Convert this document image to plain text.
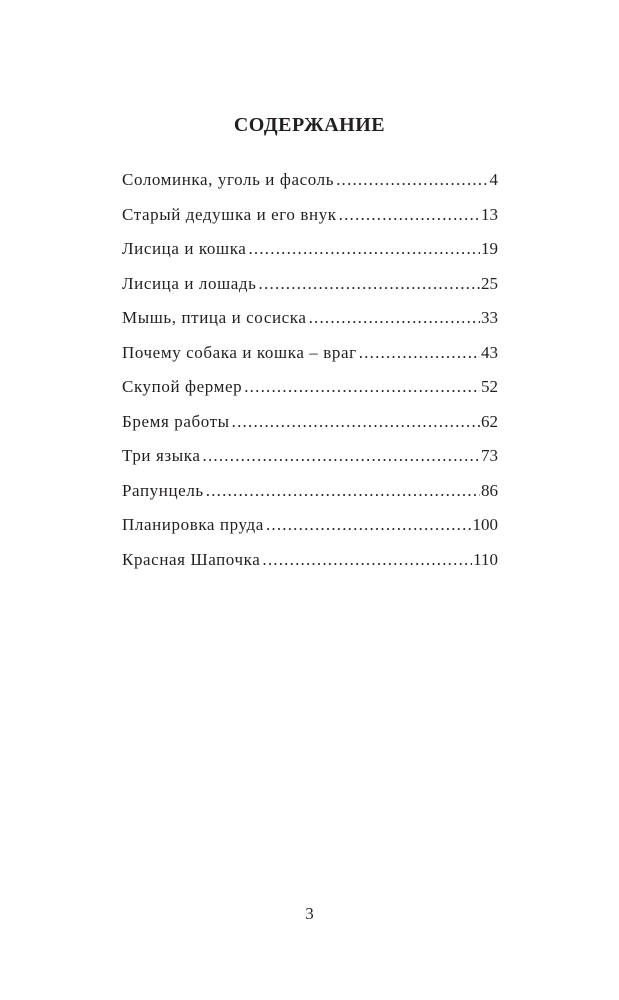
СОДЕРЖАНИЕ
Соломинка, уголь и фасоль .....	4
Старый дедушка и его внук .....	13
Лисица и кошка .....	19
Лисица и лошадь .....	25
Мышь, птица и сосиска .....	33
Почему собака и кошка – враг .....	43
Скупой фермер .....	52
Бремя работы .....	62
Три языка .....	73
Рапунцель .....	86
Планировка пруда .....	100
Красная Шапочка .....	110
3
